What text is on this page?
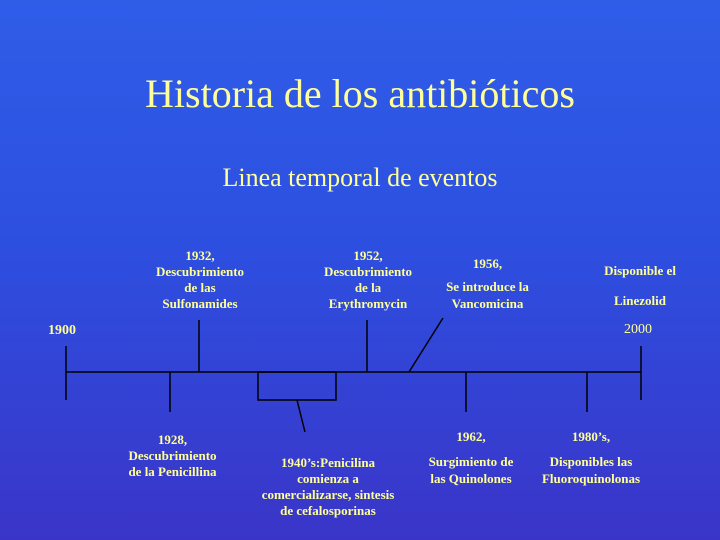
Historia de los antibióticos
Linea temporal de eventos
1900	2000
1932,
Descubrimiento
de las
Sulfonamides
1952,
Descubrimiento
de la
Erythromycin
1956,
Se introduce la
Vancomicina
Disponible el
Linezolid
1928,
Descubrimiento
de la Penicillina
1940’s:Penicilina
comienza a
comercializarse, sintesis
de cefalosporinas
1962,
Surgimiento de
las Quinolones
1980’s,
Disponibles las
Fluoroquinolonas
